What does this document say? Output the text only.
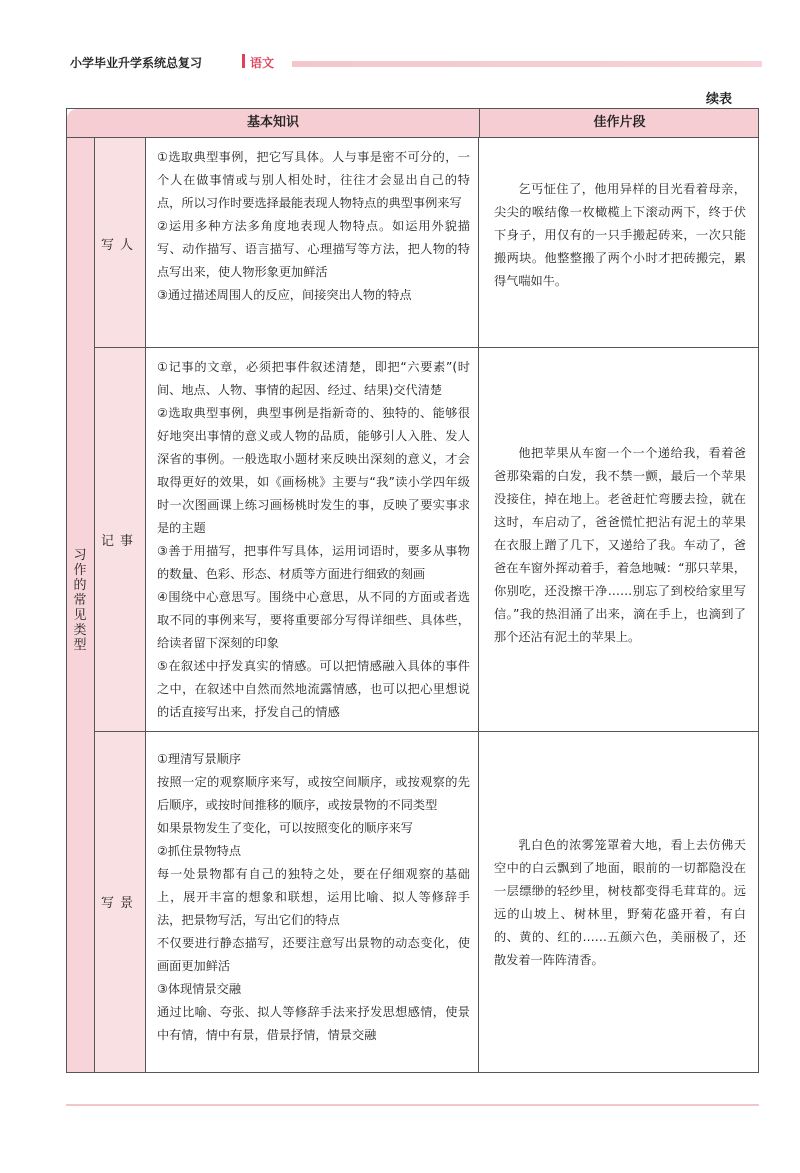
小学毕业升学系统总复习	语文
续表
基本知识	佳作片段
习作的常见类型
写人

①选取典型事例，把它写具体。人与事是密不可分的，一个人在做事情或与别人相处时，往往才会显出自己的特点，所以习作时要选择最能表现人物特点的典型事例来写

②运用多种方法多角度地表现人物特点。如运用外貌描写、动作描写、语言描写、心理描写等方法，把人物的特点写出来，使人物形象更加鲜活

③通过描述周围人的反应，间接突出人物的特点

乞丐怔住了，他用异样的目光看着母亲，尖尖的喉结像一枚橄榄上下滚动两下，终于伏下身子，用仅有的一只手搬起砖来，一次只能搬两块。他整整搬了两个小时才把砖搬完，累得气喘如牛。

记事

①记事的文章，必须把事件叙述清楚，即把“六要素”(时间、地点、人物、事情的起因、经过、结果)交代清楚

②选取典型事例，典型事例是指新奇的、独特的、能够很好地突出事情的意义或人物的品质，能够引人入胜、发人深省的事例。一般选取小题材来反映出深刻的意义，才会取得更好的效果，如《画杨桃》主要与“我”读小学四年级时一次图画课上练习画杨桃时发生的事，反映了要实事求是的主题

③善于用描写，把事件写具体，运用词语时，要多从事物的数量、色彩、形态、材质等方面进行细致的刻画

④围绕中心意思写。围绕中心意思，从不同的方面或者选取不同的事例来写，要将重要部分写得详细些、具体些，给读者留下深刻的印象

⑤在叙述中抒发真实的情感。可以把情感融入具体的事件之中，在叙述中自然而然地流露情感，也可以把心里想说的话直接写出来，抒发自己的情感

他把苹果从车窗一个一个递给我，看着爸爸那染霜的白发，我不禁一颤，最后一个苹果没接住，掉在地上。老爸赶忙弯腰去捡，就在这时，车启动了，爸爸慌忙把沾有泥土的苹果在衣服上蹭了几下，又递给了我。车动了，爸爸在车窗外挥动着手，着急地喊：“那只苹果，你别吃，还没擦干净……别忘了到校给家里写信。”我的热泪涌了出来，滴在手上，也滴到了那个还沾有泥土的苹果上。

写景

①理清写景顺序

按照一定的观察顺序来写，或按空间顺序，或按观察的先后顺序，或按时间推移的顺序，或按景物的不同类型

如果景物发生了变化，可以按照变化的顺序来写

②抓住景物特点

每一处景物都有自己的独特之处，要在仔细观察的基础上，展开丰富的想象和联想，运用比喻、拟人等修辞手法，把景物写活，写出它们的特点

不仅要进行静态描写，还要注意写出景物的动态变化，使画面更加鲜活

③体现情景交融

通过比喻、夸张、拟人等修辞手法来抒发思想感情，使景中有情，情中有景，借景抒情，情景交融

乳白色的浓雾笼罩着大地，看上去仿佛天空中的白云飘到了地面，眼前的一切都隐没在一层缥缈的轻纱里，树枝都变得毛茸茸的。远远的山坡上、树林里，野菊花盛开着，有白的、黄的、红的……五颜六色，美丽极了，还散发着一阵阵清香。
